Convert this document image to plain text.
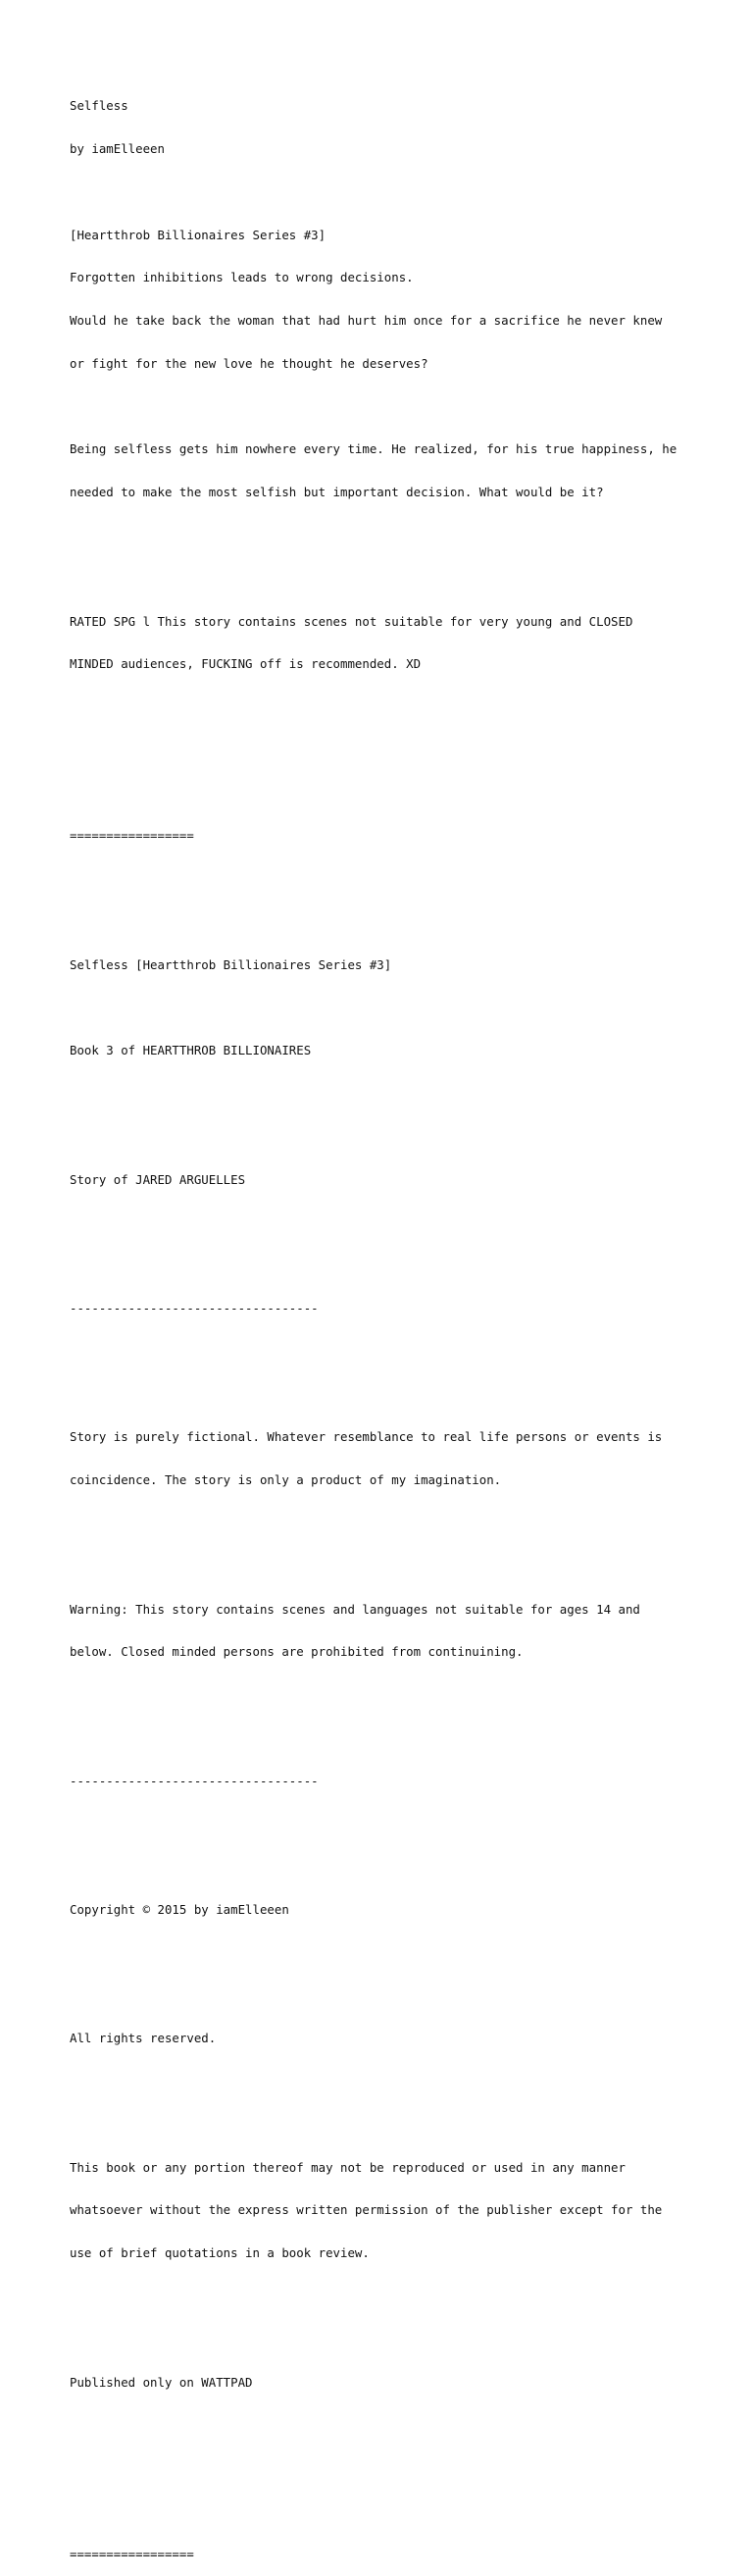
Selfless

by iamElleeen

[Heartthrob Billionaires Series #3]

Forgotten inhibitions leads to wrong decisions.

Would he take back the woman that had hurt him once for a sacrifice he never knew

or fight for the new love he thought he deserves?

Being selfless gets him nowhere every time. He realized, for his true happiness, he

needed to make the most selfish but important decision. What would be it?

RATED SPG l This story contains scenes not suitable for very young and CLOSED

MINDED audiences, FUCKING off is recommended. XD

=================

Selfless [Heartthrob Billionaires Series #3]

Book 3 of HEARTTHROB BILLIONAIRES

Story of JARED ARGUELLES

----------------------------------

Story is purely fictional. Whatever resemblance to real life persons or events is

coincidence. The story is only a product of my imagination.

Warning: This story contains scenes and languages not suitable for ages 14 and

below. Closed minded persons are prohibited from continuining.

----------------------------------

Copyright © 2015 by iamElleeen

All rights reserved.

This book or any portion thereof may not be reproduced or used in any manner

whatsoever without the express written permission of the publisher except for the

use of brief quotations in a book review.

Published only on WATTPAD

=================
